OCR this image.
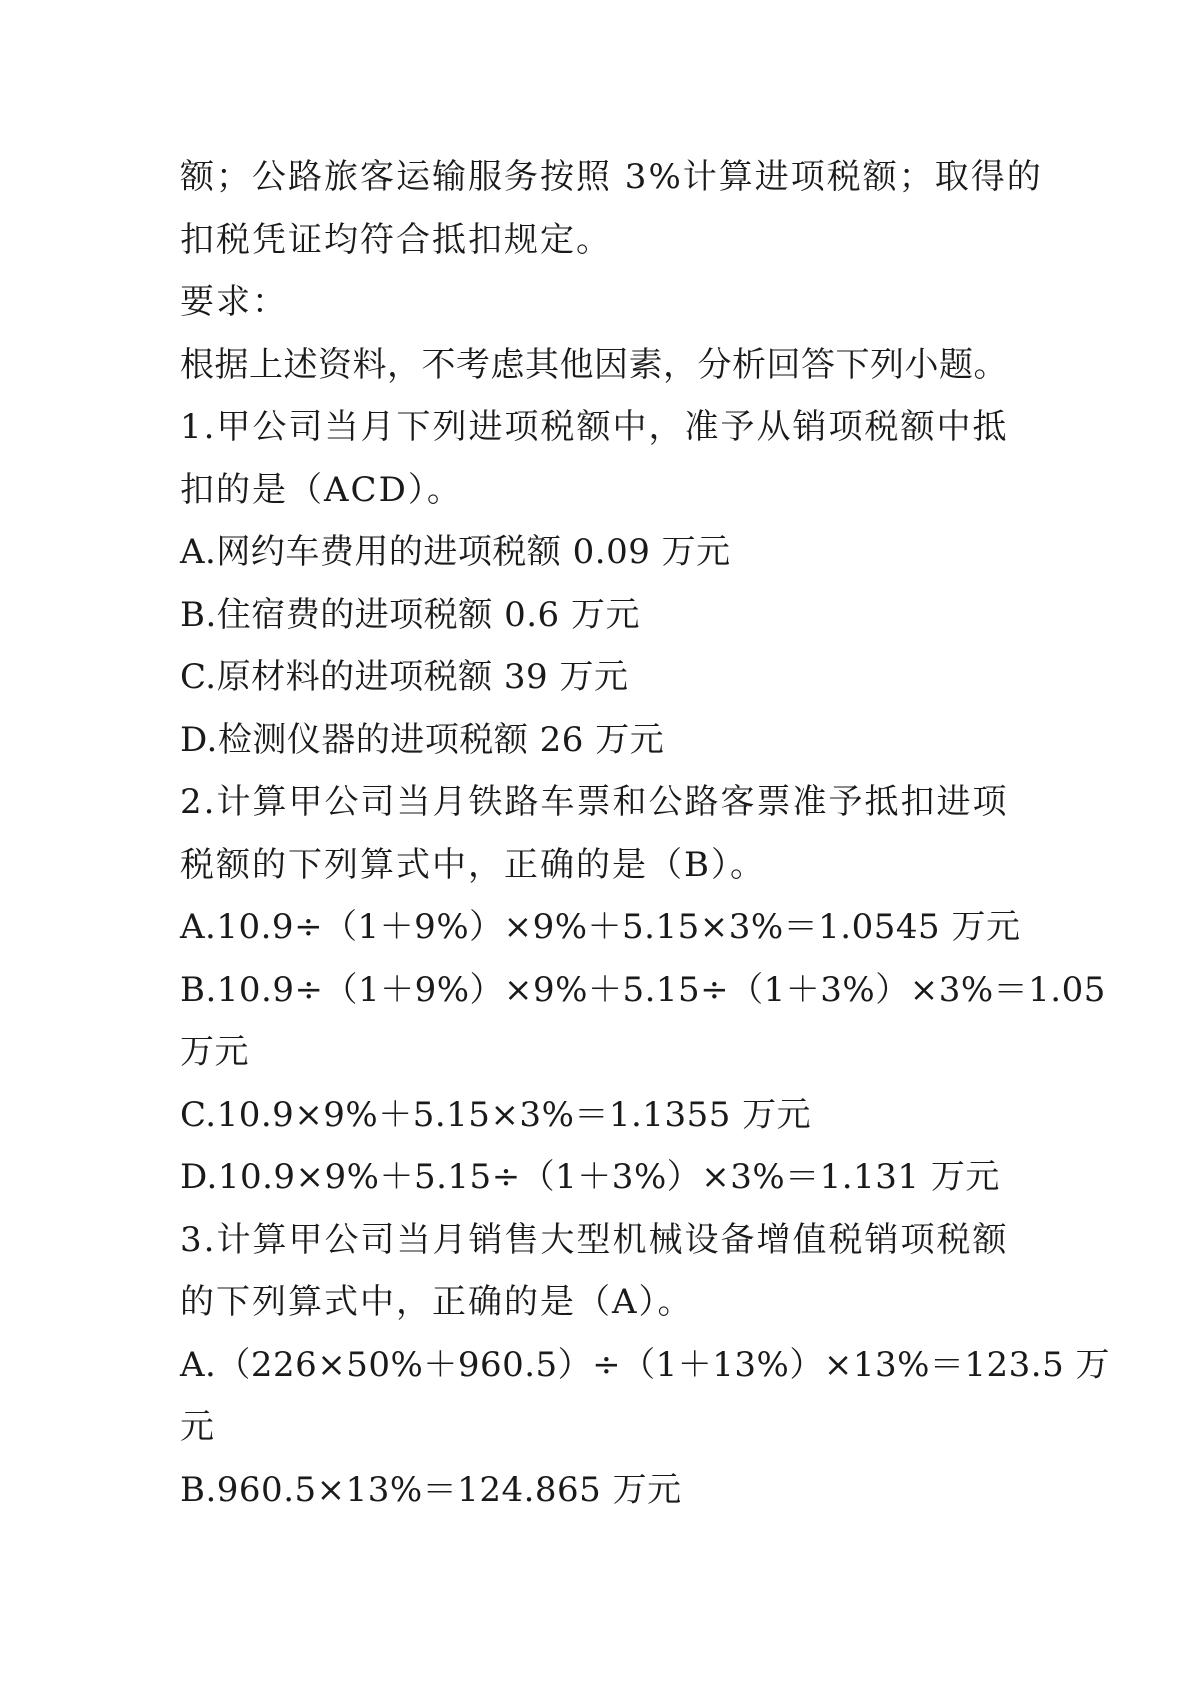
额；公路旅客运输服务按照 3%计算进项税额；取得的
扣税凭证均符合抵扣规定。
要求：
根据上述资料，不考虑其他因素，分析回答下列小题。
1.甲公司当月下列进项税额中，准予从销项税额中抵
扣的是（ACD）。
A.网约车费用的进项税额 0.09 万元
B.住宿费的进项税额 0.6 万元
C.原材料的进项税额 39 万元
D.检测仪器的进项税额 26 万元
2.计算甲公司当月铁路车票和公路客票准予抵扣进项
税额的下列算式中，正确的是（B）。
A.10.9÷（1＋9%）×9%＋5.15×3%＝1.0545 万元
B.10.9÷（1＋9%）×9%＋5.15÷（1＋3%）×3%＝1.05
万元
C.10.9×9%＋5.15×3%＝1.1355 万元
D.10.9×9%＋5.15÷（1＋3%）×3%＝1.131 万元
3.计算甲公司当月销售大型机械设备增值税销项税额
的下列算式中，正确的是（A）。
A.（226×50%＋960.5）÷（1＋13%）×13%＝123.5 万
元
B.960.5×13%＝124.865 万元
